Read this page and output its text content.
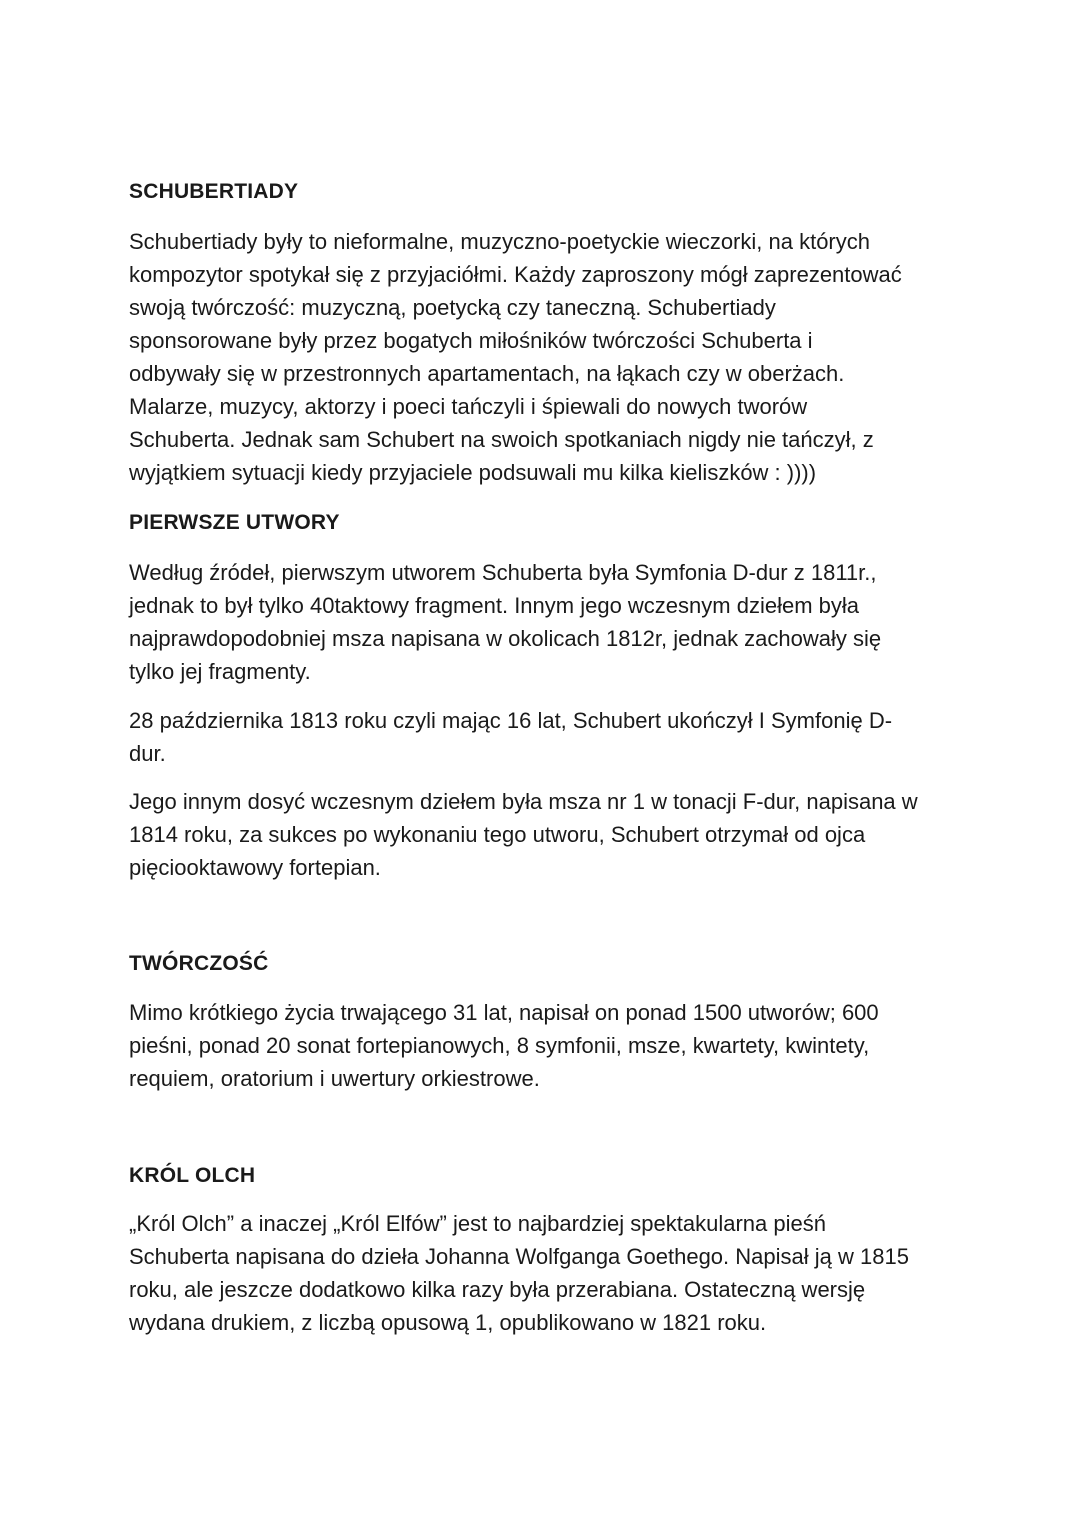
SCHUBERTIADY
Schubertiady były to nieformalne, muzyczno-poetyckie wieczorki, na których
kompozytor spotykał się z przyjaciółmi. Każdy zaproszony mógł zaprezentować
swoją twórczość: muzyczną, poetycką czy taneczną. Schubertiady
sponsorowane były przez bogatych miłośników twórczości Schuberta i
odbywały się w przestronnych apartamentach, na łąkach czy w oberżach.
Malarze, muzycy, aktorzy i poeci tańczyli i śpiewali do nowych tworów
Schuberta. Jednak sam Schubert na swoich spotkaniach nigdy nie tańczył, z
wyjątkiem sytuacji kiedy przyjaciele podsuwali mu kilka kieliszków : ))))
PIERWSZE UTWORY
Według źródeł, pierwszym utworem Schuberta była Symfonia D-dur z 1811r.,
jednak to był tylko 40taktowy fragment. Innym jego wczesnym dziełem była
najprawdopodobniej msza napisana w okolicach 1812r, jednak zachowały się
tylko jej fragmenty.
28 października 1813 roku czyli mając 16 lat, Schubert ukończył I Symfonię D-
dur.
Jego innym dosyć wczesnym dziełem była msza nr 1 w tonacji F-dur, napisana w
1814 roku, za sukces po wykonaniu tego utworu, Schubert otrzymał od ojca
pięciooktawowy fortepian.
TWÓRCZOŚĆ
Mimo krótkiego życia trwającego 31 lat, napisał on ponad 1500 utworów; 600
pieśni, ponad 20 sonat fortepianowych, 8 symfonii, msze, kwartety, kwintety,
requiem, oratorium i uwertury orkiestrowe.
KRÓL OLCH
„Król Olch” a inaczej „Król Elfów” jest to najbardziej spektakularna pieśń
Schuberta napisana do dzieła Johanna Wolfganga Goethego. Napisał ją w 1815
roku, ale jeszcze dodatkowo kilka razy była przerabiana. Ostateczną wersję
wydana drukiem, z liczbą opusową 1, opublikowano w 1821 roku.
